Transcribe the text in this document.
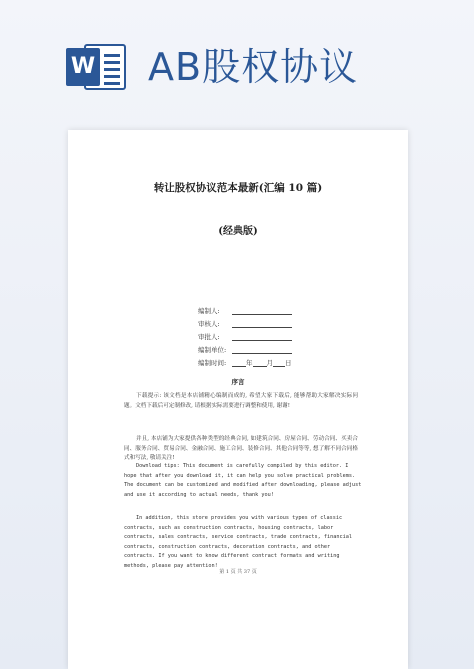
W AB股权协议
转让股权协议范本最新(汇编 10 篇)
(经典版)
编制人:
审核人:
审批人:
编制单位:
编制时间:	年 月 日
序言
下载提示: 该文档是本店铺精心编制而成的, 希望大家下载后, 能够帮助大家解决实际问题。文档下载后可定制修改, 请根据实际需要进行调整和使用, 谢谢!
并且, 本店铺为大家提供各种类型的经典合同, 如建筑合同、房屋合同、劳动合同、买卖合同、服务合同、贸易合同、金融合同、施工合同、装修合同、其他合同等等, 想了解不同合同格式和写法, 敬请关注!
Download tips: This document is carefully compiled by this editor. I hope that after you download it, it can help you solve practical problems. The document can be customized and modified after downloading, please adjust and use it according to actual needs, thank you!
In addition, this store provides you with various types of classic contracts, such as construction contracts, housing contracts, labor contracts, sales contracts, service contracts, trade contracts, financial contracts, construction contracts, decoration contracts, and other contracts. If you want to know different contract formats and writing methods, please pay attention!
第 1 页 共 37 页
